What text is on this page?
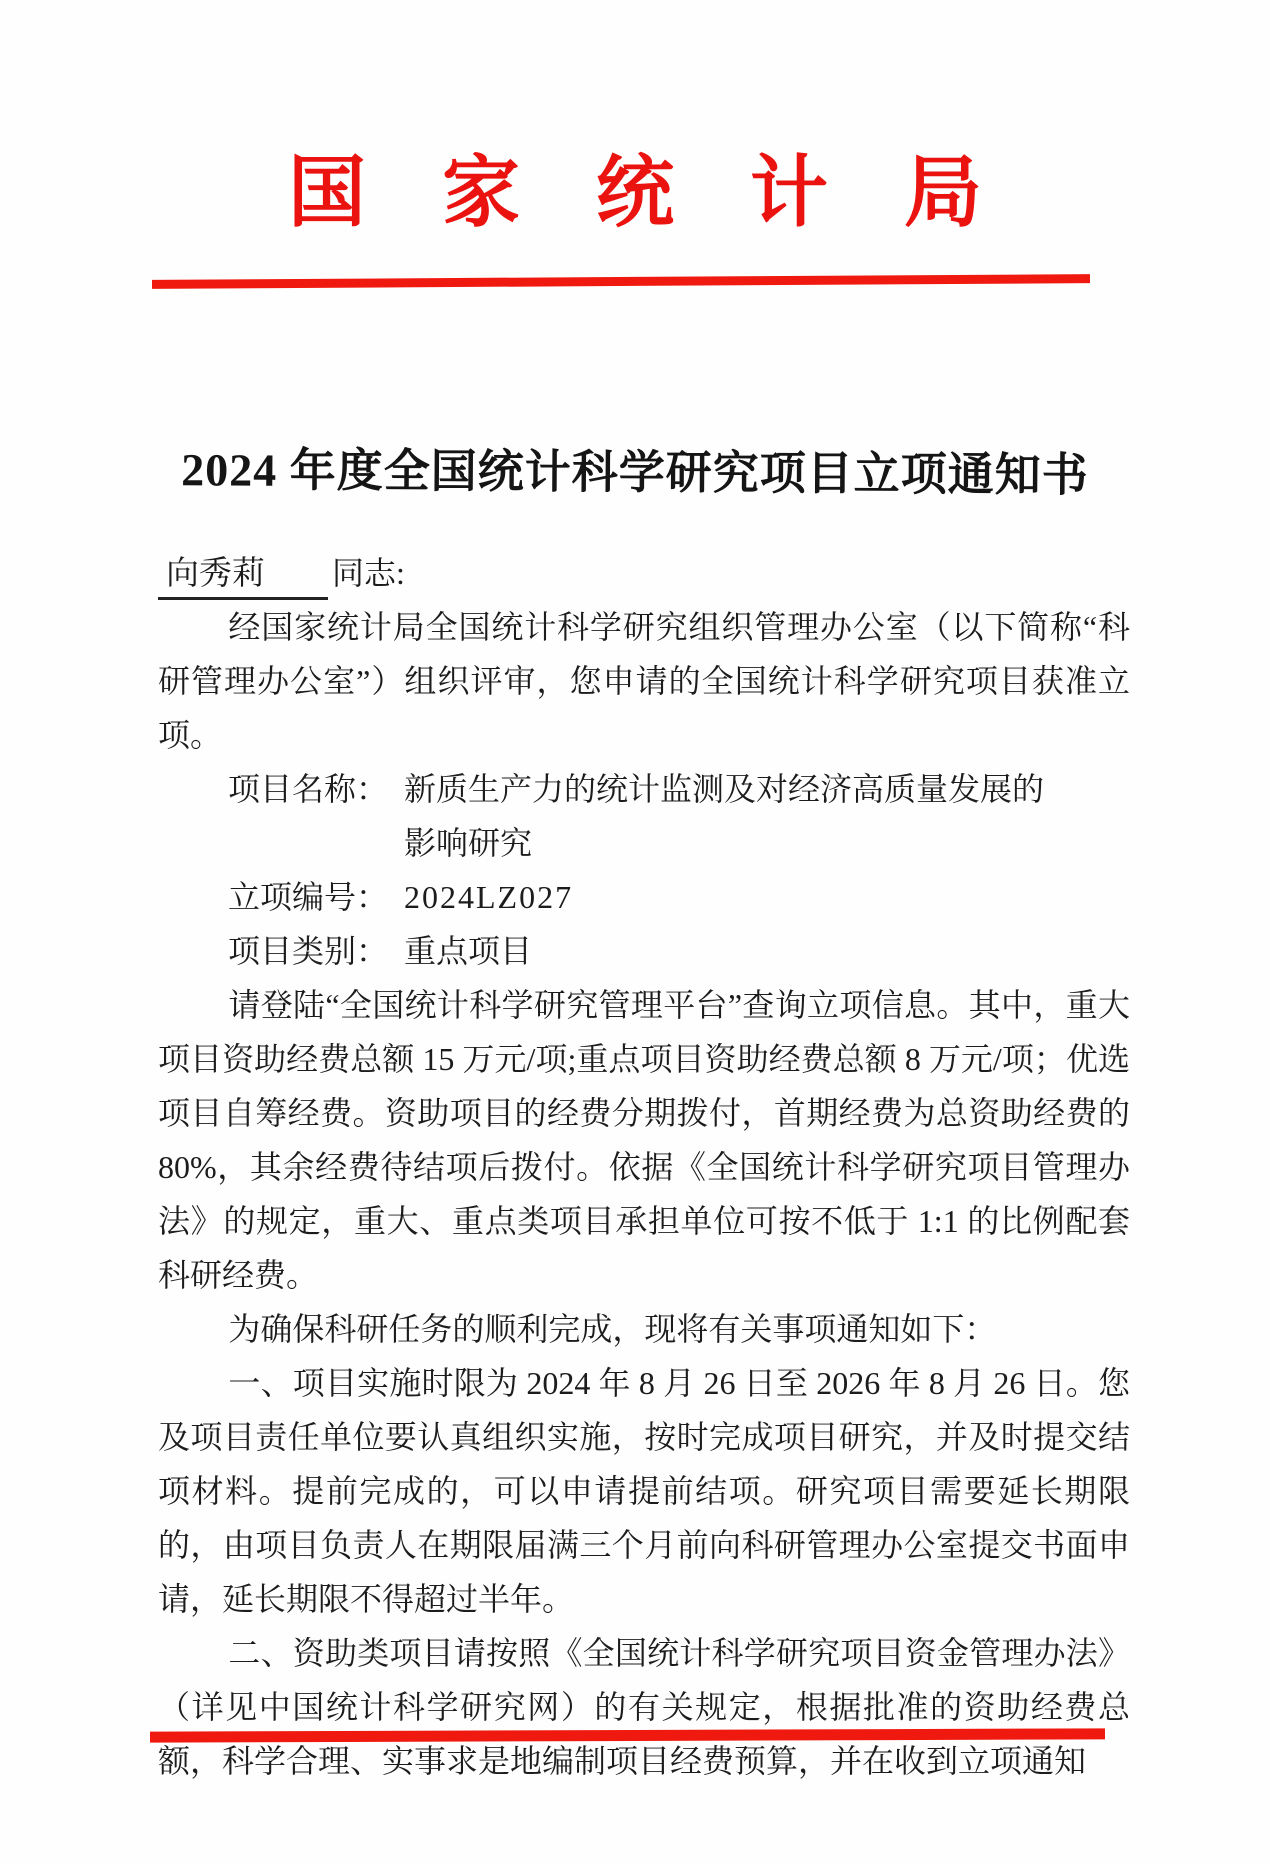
国家统计局
2024 年度全国统计科学研究项目立项通知书
向秀莉 同志:

经国家统计局全国统计科学研究组织管理办公室（以下简称“科研管理办公室”）组织评审，您申请的全国统计科学研究项目获准立项。

项目名称： 新质生产力的统计监测及对经济高质量发展的
影响研究
立项编号： 2024LZ027
项目类别： 重点项目

请登陆“全国统计科学研究管理平台”查询立项信息。其中，重大项目资助经费总额 15 万元/项;重点项目资助经费总额 8 万元/项；优选项目自筹经费。资助项目的经费分期拨付，首期经费为总资助经费的 80%，其余经费待结项后拨付。依据《全国统计科学研究项目管理办法》的规定，重大、重点类项目承担单位可按不低于 1:1 的比例配套科研经费。

为确保科研任务的顺利完成，现将有关事项通知如下：

一、项目实施时限为 2024 年 8 月 26 日至 2026 年 8 月 26 日。您及项目责任单位要认真组织实施，按时完成项目研究，并及时提交结项材料。提前完成的，可以申请提前结项。研究项目需要延长期限的，由项目负责人在期限届满三个月前向科研管理办公室提交书面申请，延长期限不得超过半年。

二、资助类项目请按照《全国统计科学研究项目资金管理办法》（详见中国统计科学研究网）的有关规定，根据批准的资助经费总额，科学合理、实事求是地编制项目经费预算，并在收到立项通知
